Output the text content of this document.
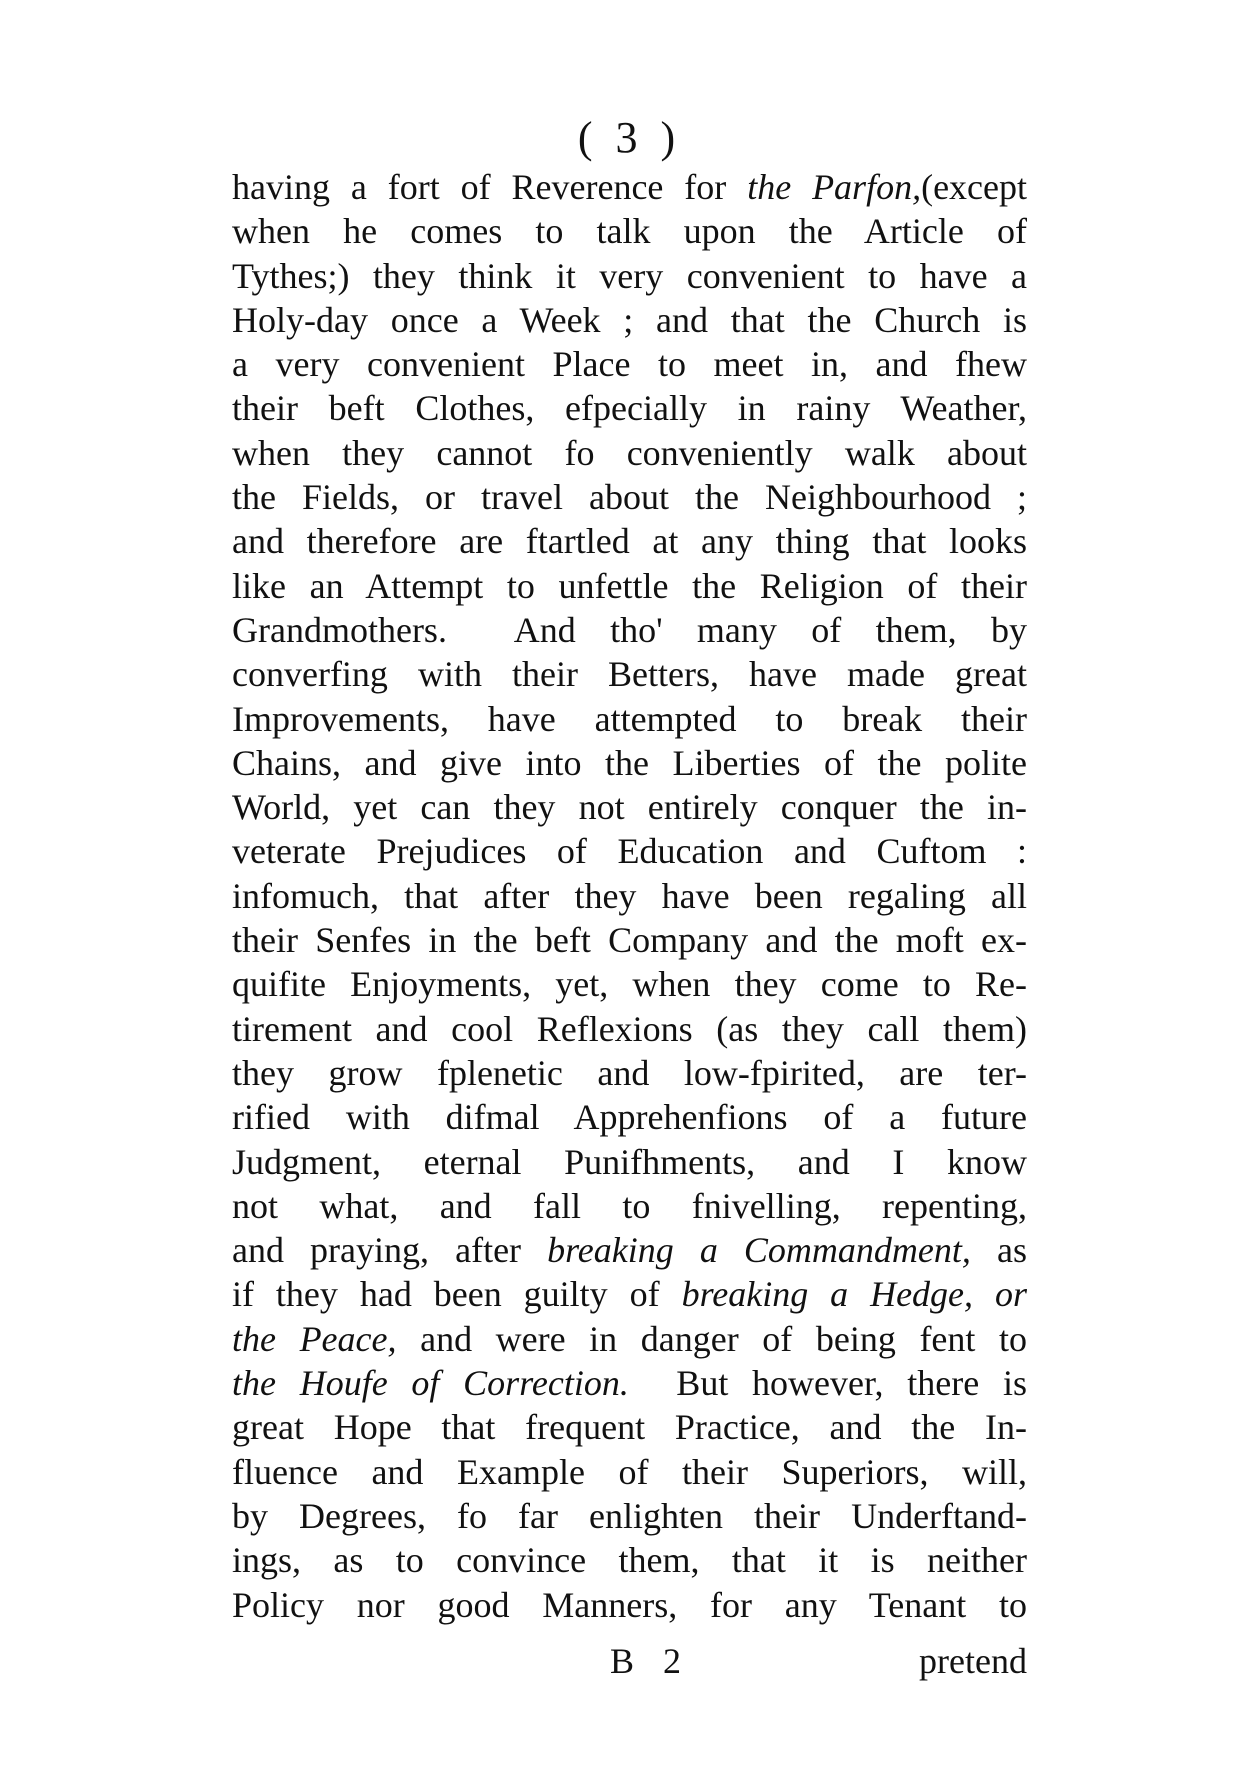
( 3 )
having a fort of Reverence for the Parfon,(except
when he comes to talk upon the Article of
Tythes;) they think it very convenient to have a
Holy-day once a Week ; and that the Church is
a very convenient Place to meet in, and fhew
their beft Clothes, efpecially in rainy Weather,
when they cannot fo conveniently walk about
the Fields, or travel about the Neighbourhood ;
and therefore are ftartled at any thing that looks
like an Attempt to unfettle the Religion of their
Grandmothers.  And tho' many of them, by
converfing with their Betters, have made great
Improvements, have attempted to break their
Chains, and give into the Liberties of the polite
World, yet can they not entirely conquer the in-
veterate Prejudices of Education and Cuftom :
infomuch, that after they have been regaling all
their Senfes in the beft Company and the moft ex-
quifite Enjoyments, yet, when they come to Re-
tirement and cool Reflexions (as they call them)
they grow fplenetic and low-fpirited, are ter-
rified with difmal Apprehenfions of a future
Judgment, eternal Punifhments, and I know
not what, and fall to fnivelling, repenting,
and praying, after breaking a Commandment, as
if they had been guilty of breaking a Hedge, or
the Peace, and were in danger of being fent to
the Houfe of Correction.  But however, there is
great Hope that frequent Practice, and the In-
fluence and Example of their Superiors, will,
by Degrees, fo far enlighten their Underftand-
ings, as to convince them, that it is neither
Policy nor good Manners, for any Tenant to
B 2	pretend
